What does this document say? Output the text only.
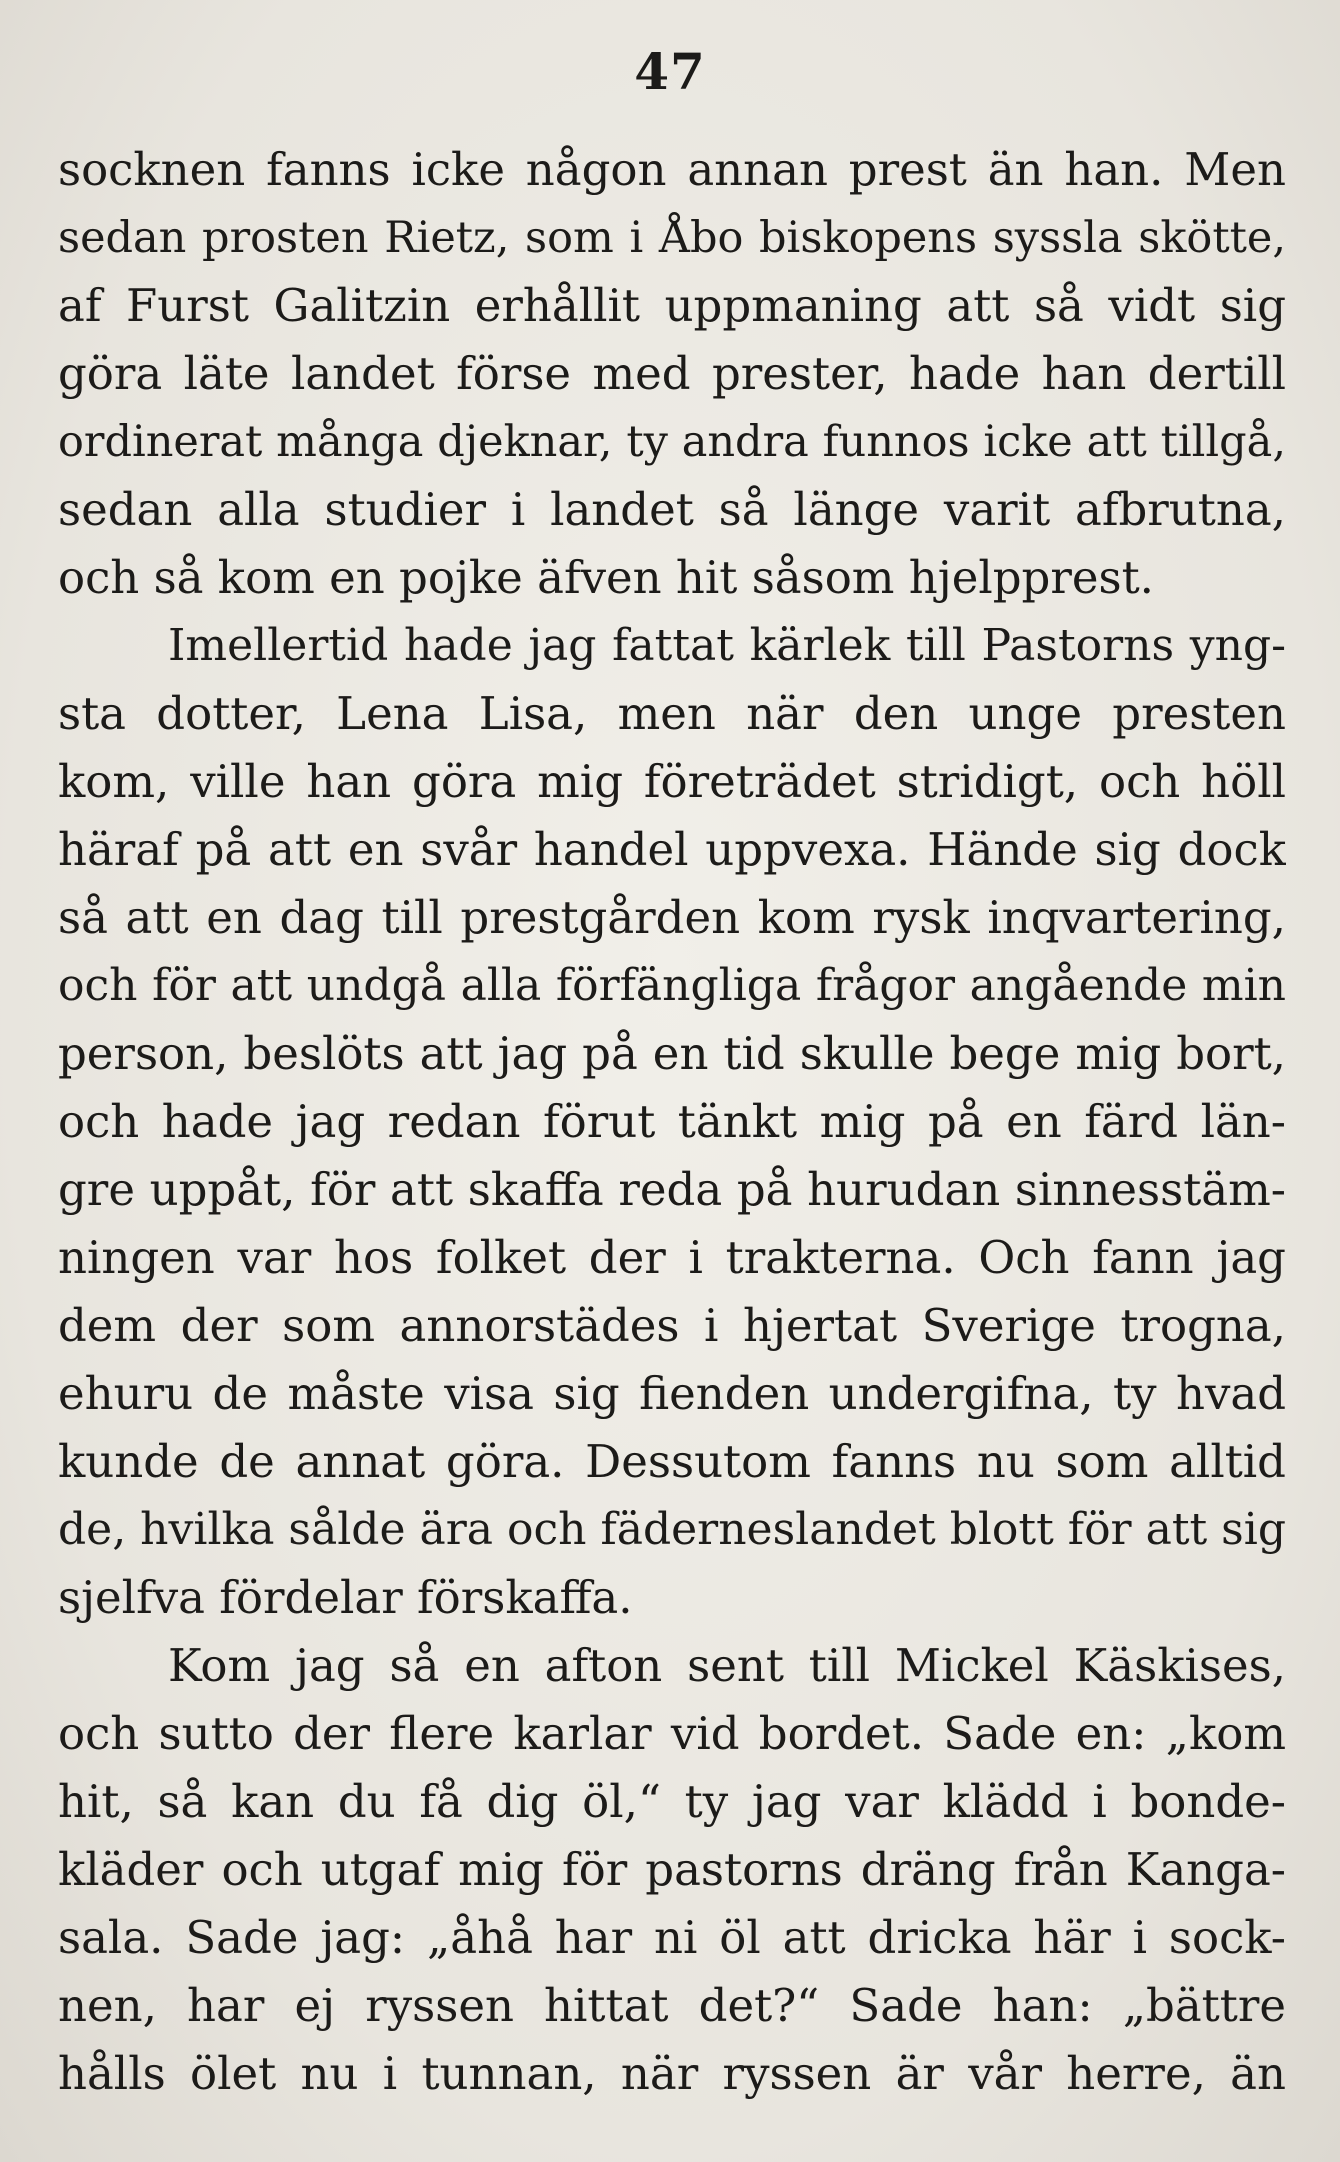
47
socknen fanns icke någon annan prest än han. Men
sedan prosten Rietz, som i Åbo biskopens syssla skötte,
af Furst Galitzin erhållit uppmaning att så vidt sig
göra läte landet förse med prester, hade han dertill
ordinerat många djeknar, ty andra funnos icke att tillgå,
sedan alla studier i landet så länge varit afbrutna,
och så kom en pojke äfven hit såsom hjelpprest.
Imellertid hade jag fattat kärlek till Pastorns yng-
sta dotter, Lena Lisa, men när den unge presten
kom, ville han göra mig företrädet stridigt, och höll
häraf på att en svår handel uppvexa. Hände sig dock
så att en dag till prestgården kom rysk inqvartering,
och för att undgå alla förfängliga frågor angående min
person, beslöts att jag på en tid skulle bege mig bort,
och hade jag redan förut tänkt mig på en färd län-
gre uppåt, för att skaffa reda på hurudan sinnesstäm-
ningen var hos folket der i trakterna. Och fann jag
dem der som annorstädes i hjertat Sverige trogna,
ehuru de måste visa sig fienden undergifna, ty hvad
kunde de annat göra. Dessutom fanns nu som alltid
de, hvilka sålde ära och fäderneslandet blott för att sig
sjelfva fördelar förskaffa.
Kom jag så en afton sent till Mickel Käskises,
och sutto der flere karlar vid bordet. Sade en: „kom
hit, så kan du få dig öl,“ ty jag var klädd i bonde-
kläder och utgaf mig för pastorns dräng från Kanga-
sala. Sade jag: „åhå har ni öl att dricka här i sock-
nen, har ej ryssen hittat det?“ Sade han: „bättre
hålls ölet nu i tunnan, när ryssen är vår herre, än
